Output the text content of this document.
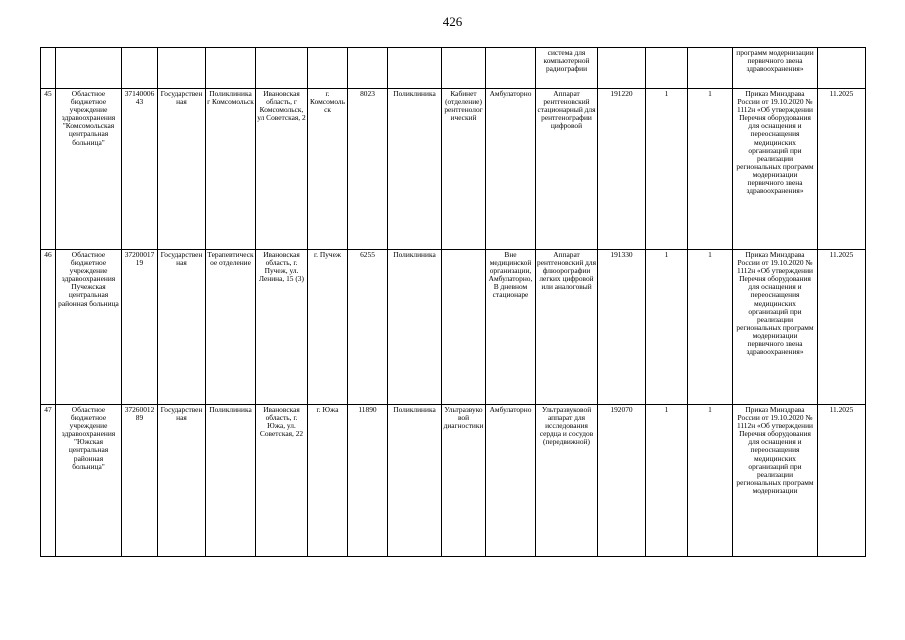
426
											система для компьютерной радиографии				программ модернизации первичного звена здравоохранения»	
45	Областное бюджетное учреждение здравоохранения "Комсомольская центральная больница"	3714000643	Государственная	Поликлиника г Комсомольск	Ивановская область, г Комсомольск, ул Советская, 2	г. Комсомольск	8023	Поликлиника	Кабинет (отделение) рентгенологический	Амбулаторно	Аппарат рентгеновский стационарный для рентгенографии цифровой	191220	1	1	Приказ Минздрава России от 19.10.2020 № 1112н «Об утверждении Перечня оборудования для оснащения и переоснащения медицинских организаций при реализации региональных программ модернизации первичного звена здравоохранения»	11.2025
46	Областное бюджетное учреждение здравоохранения Пучежская центральная районная больница	3720001719	Государственная	Терапевтическое отделение	Ивановская область, г. Пучеж, ул. Ленина, 15 (3)	г. Пучеж	6255	Поликлиника		Вне медицинской организации, Амбулаторно, В дневном стационаре	Аппарат рентгеновский для флюорографии легких цифровой или аналоговый	191330	1	1	Приказ Минздрава России от 19.10.2020 № 1112н «Об утверждении Перечня оборудования для оснащения и переоснащения медицинских организаций при реализации региональных программ модернизации первичного звена здравоохранения»	11.2025
47	Областное бюджетное учреждение здравоохранения "Южская центральная районная больница"	3726001289	Государственная	Поликлиника	Ивановская область, г. Южа, ул. Советская, 22	г. Южа	11890	Поликлиника	Ультразвуковой диагностики	Амбулаторно	Ультразвуковой аппарат для исследования сердца и сосудов (передвижной)	192070	1	1	Приказ Минздрава России от 19.10.2020 № 1112н «Об утверждении Перечня оборудования для оснащения и переоснащения медицинских организаций при реализации региональных программ модернизации	11.2025
